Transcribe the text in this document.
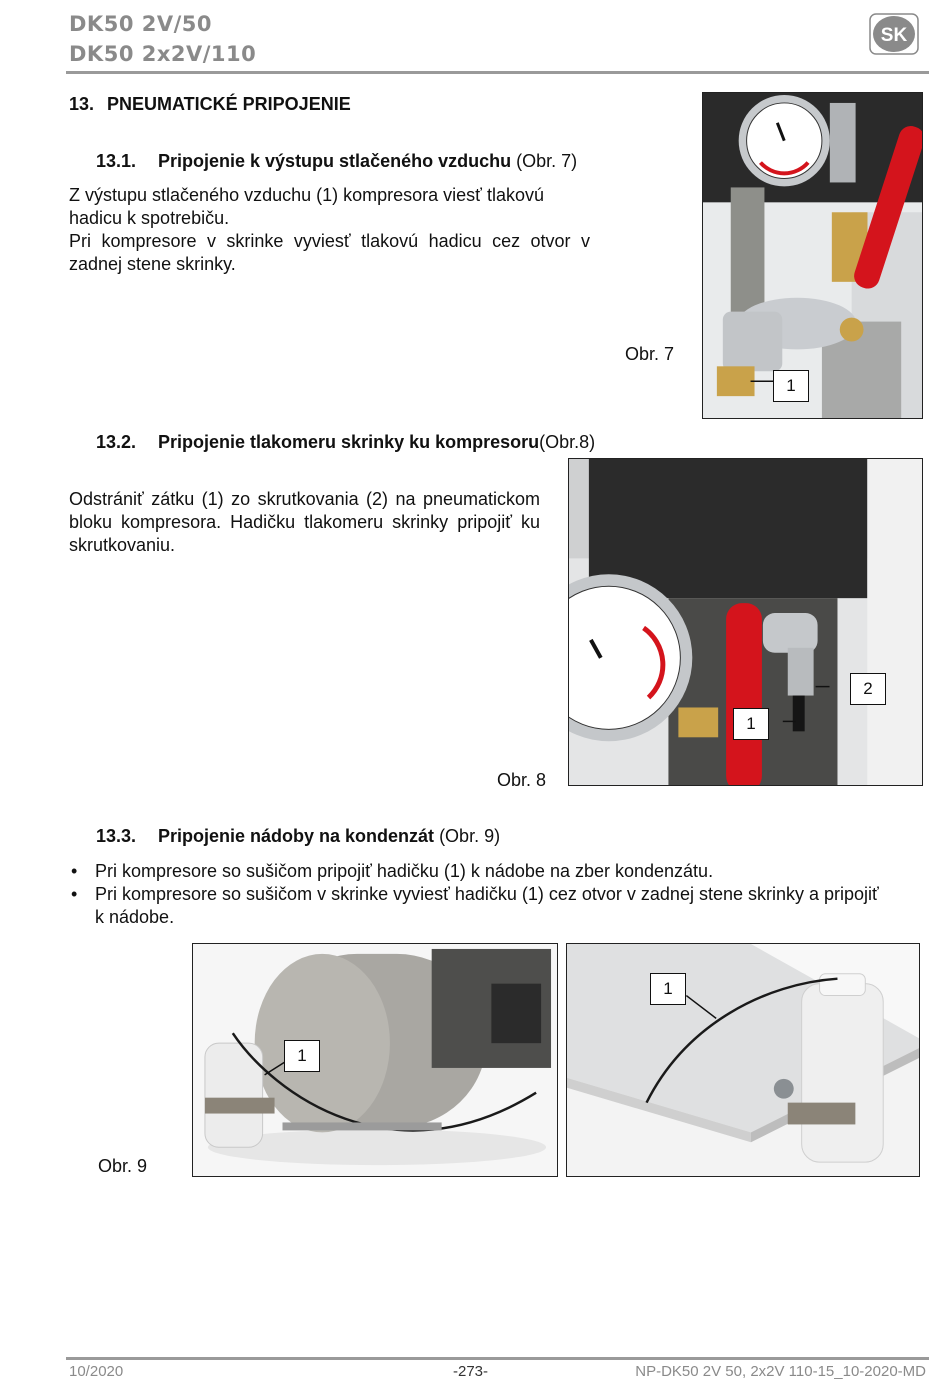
DK50 2V/50
DK50 2x2V/110
SK
13. PNEUMATICKÉ PRIPOJENIE
13.1. Pripojenie k výstupu stlačeného vzduchu (Obr. 7)
Z výstupu stlačeného vzduchu (1) kompresora viesť tlakovú hadicu k spotrebiču.
Pri kompresore v skrinke vyviesť tlakovú hadicu cez otvor v zadnej stene skrinky.
Obr. 7
1
13.2. Pripojenie tlakomeru skrinky ku kompresoru(Obr.8)
Odstrániť zátku (1) zo skrutkovania (2) na pneumatickom bloku kompresora. Hadičku tlakomeru skrinky pripojiť ku skrutkovaniu.
Obr. 8
1
2
13.3. Pripojenie nádoby na kondenzát (Obr. 9)
• Pri kompresore so sušičom pripojiť hadičku (1) k nádobe na zber kondenzátu.
• Pri kompresore so sušičom v skrinke vyviesť hadičku (1) cez otvor v zadnej stene skrinky a pripojiť k nádobe.
Obr. 9
1
1
10/2020	-273-	NP-DK50 2V 50, 2x2V 110-15_10-2020-MD
